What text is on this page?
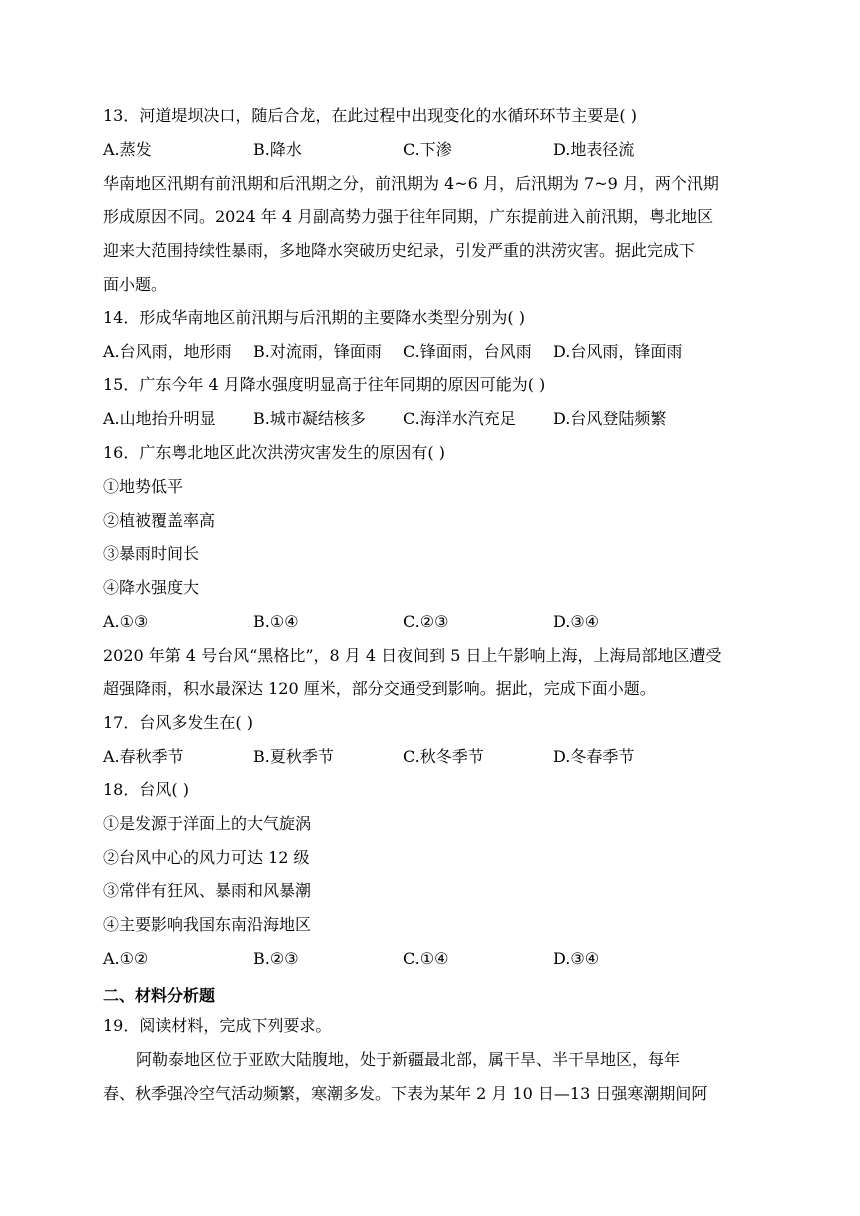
13．河道堤坝决口，随后合龙，在此过程中出现变化的水循环环节主要是( )
A.蒸发	B.降水	C.下渗	D.地表径流
华南地区汛期有前汛期和后汛期之分，前汛期为 4~6 月，后汛期为 7~9 月，两个汛期
形成原因不同。2024 年 4 月副高势力强于往年同期，广东提前进入前汛期，粤北地区
迎来大范围持续性暴雨，多地降水突破历史纪录，引发严重的洪涝灾害。据此完成下
面小题。
14．形成华南地区前汛期与后汛期的主要降水类型分别为( )
A.台风雨，地形雨 B.对流雨，锋面雨 C.锋面雨，台风雨 D.台风雨，锋面雨
15．广东今年 4 月降水强度明显高于往年同期的原因可能为( )
A.山地抬升明显 B.城市凝结核多 C.海洋水汽充足 D.台风登陆频繁
16．广东粤北地区此次洪涝灾害发生的原因有( )
①地势低平
②植被覆盖率高
③暴雨时间长
④降水强度大
A.①③	B.①④	C.②③	D.③④
2020 年第 4 号台风“黑格比”，8 月 4 日夜间到 5 日上午影响上海，上海局部地区遭受
超强降雨，积水最深达 120 厘米，部分交通受到影响。据此，完成下面小题。
17．台风多发生在( )
A.春秋季节	B.夏秋季节	C.秋冬季节	D.冬春季节
18．台风( )
①是发源于洋面上的大气旋涡
②台风中心的风力可达 12 级
③常伴有狂风、暴雨和风暴潮
④主要影响我国东南沿海地区
A.①②	B.②③	C.①④	D.③④
二、材料分析题
19．阅读材料，完成下列要求。
阿勒泰地区位于亚欧大陆腹地，处于新疆最北部，属干旱、半干旱地区，每年
春、秋季强冷空气活动频繁，寒潮多发。下表为某年 2 月 10 日—13 日强寒潮期间阿
